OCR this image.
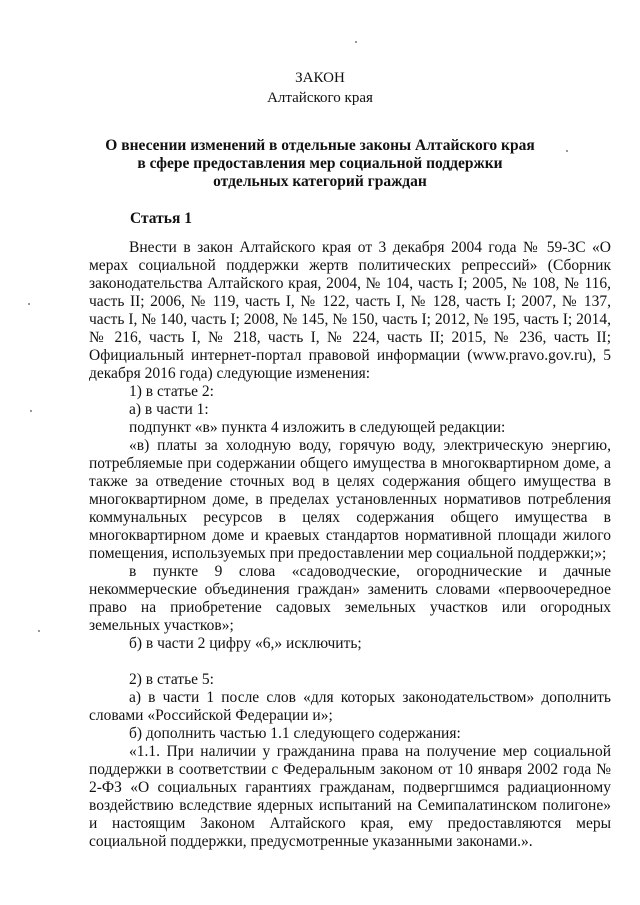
ЗАКОН
Алтайского края
О внесении изменений в отдельные законы Алтайского края
в сфере предоставления мер социальной поддержки
отдельных категорий граждан
Статья 1

Внести в закон Алтайского края от 3 декабря 2004 года № 59-ЗС «О мерах социальной поддержки жертв политических репрессий» (Сборник законодательства Алтайского края, 2004, № 104, часть I; 2005, № 108, № 116, часть II; 2006, № 119, часть I, № 122, часть I, № 128, часть I; 2007, № 137, часть I, № 140, часть I; 2008, № 145, № 150, часть I; 2012, № 195, часть I; 2014, № 216, часть I, № 218, часть I, № 224, часть II; 2015, № 236, часть II; Официальный интернет-портал правовой информации (www.pravo.gov.ru), 5 декабря 2016 года) следующие изменения:

1) в статье 2:

а) в части 1:

подпункт «в» пункта 4 изложить в следующей редакции:

«в) платы за холодную воду, горячую воду, электрическую энергию, потребляемые при содержании общего имущества в многоквартирном доме, а также за отведение сточных вод в целях содержания общего имущества в многоквартирном доме, в пределах установленных нормативов потребления коммунальных ресурсов в целях содержания общего имущества в многоквартирном доме и краевых стандартов нормативной площади жилого помещения, используемых при предоставлении мер социальной поддержки;»;

в пункте 9 слова «садоводческие, огороднические и дачные некоммерческие объединения граждан» заменить словами «первоочередное право на приобретение садовых земельных участков или огородных земельных участков»;

б) в части 2 цифру «6,» исключить;

2) в статье 5:

а) в части 1 после слов «для которых законодательством» дополнить словами «Российской Федерации и»;

б) дополнить частью 1.1 следующего содержания:

«1.1. При наличии у гражданина права на получение мер социальной поддержки в соответствии с Федеральным законом от 10 января 2002 года № 2-ФЗ «О социальных гарантиях гражданам, подвергшимся радиационному воздействию вследствие ядерных испытаний на Семипалатинском полигоне» и настоящим Законом Алтайского края, ему предоставляются меры социальной поддержки, предусмотренные указанными законами.».
